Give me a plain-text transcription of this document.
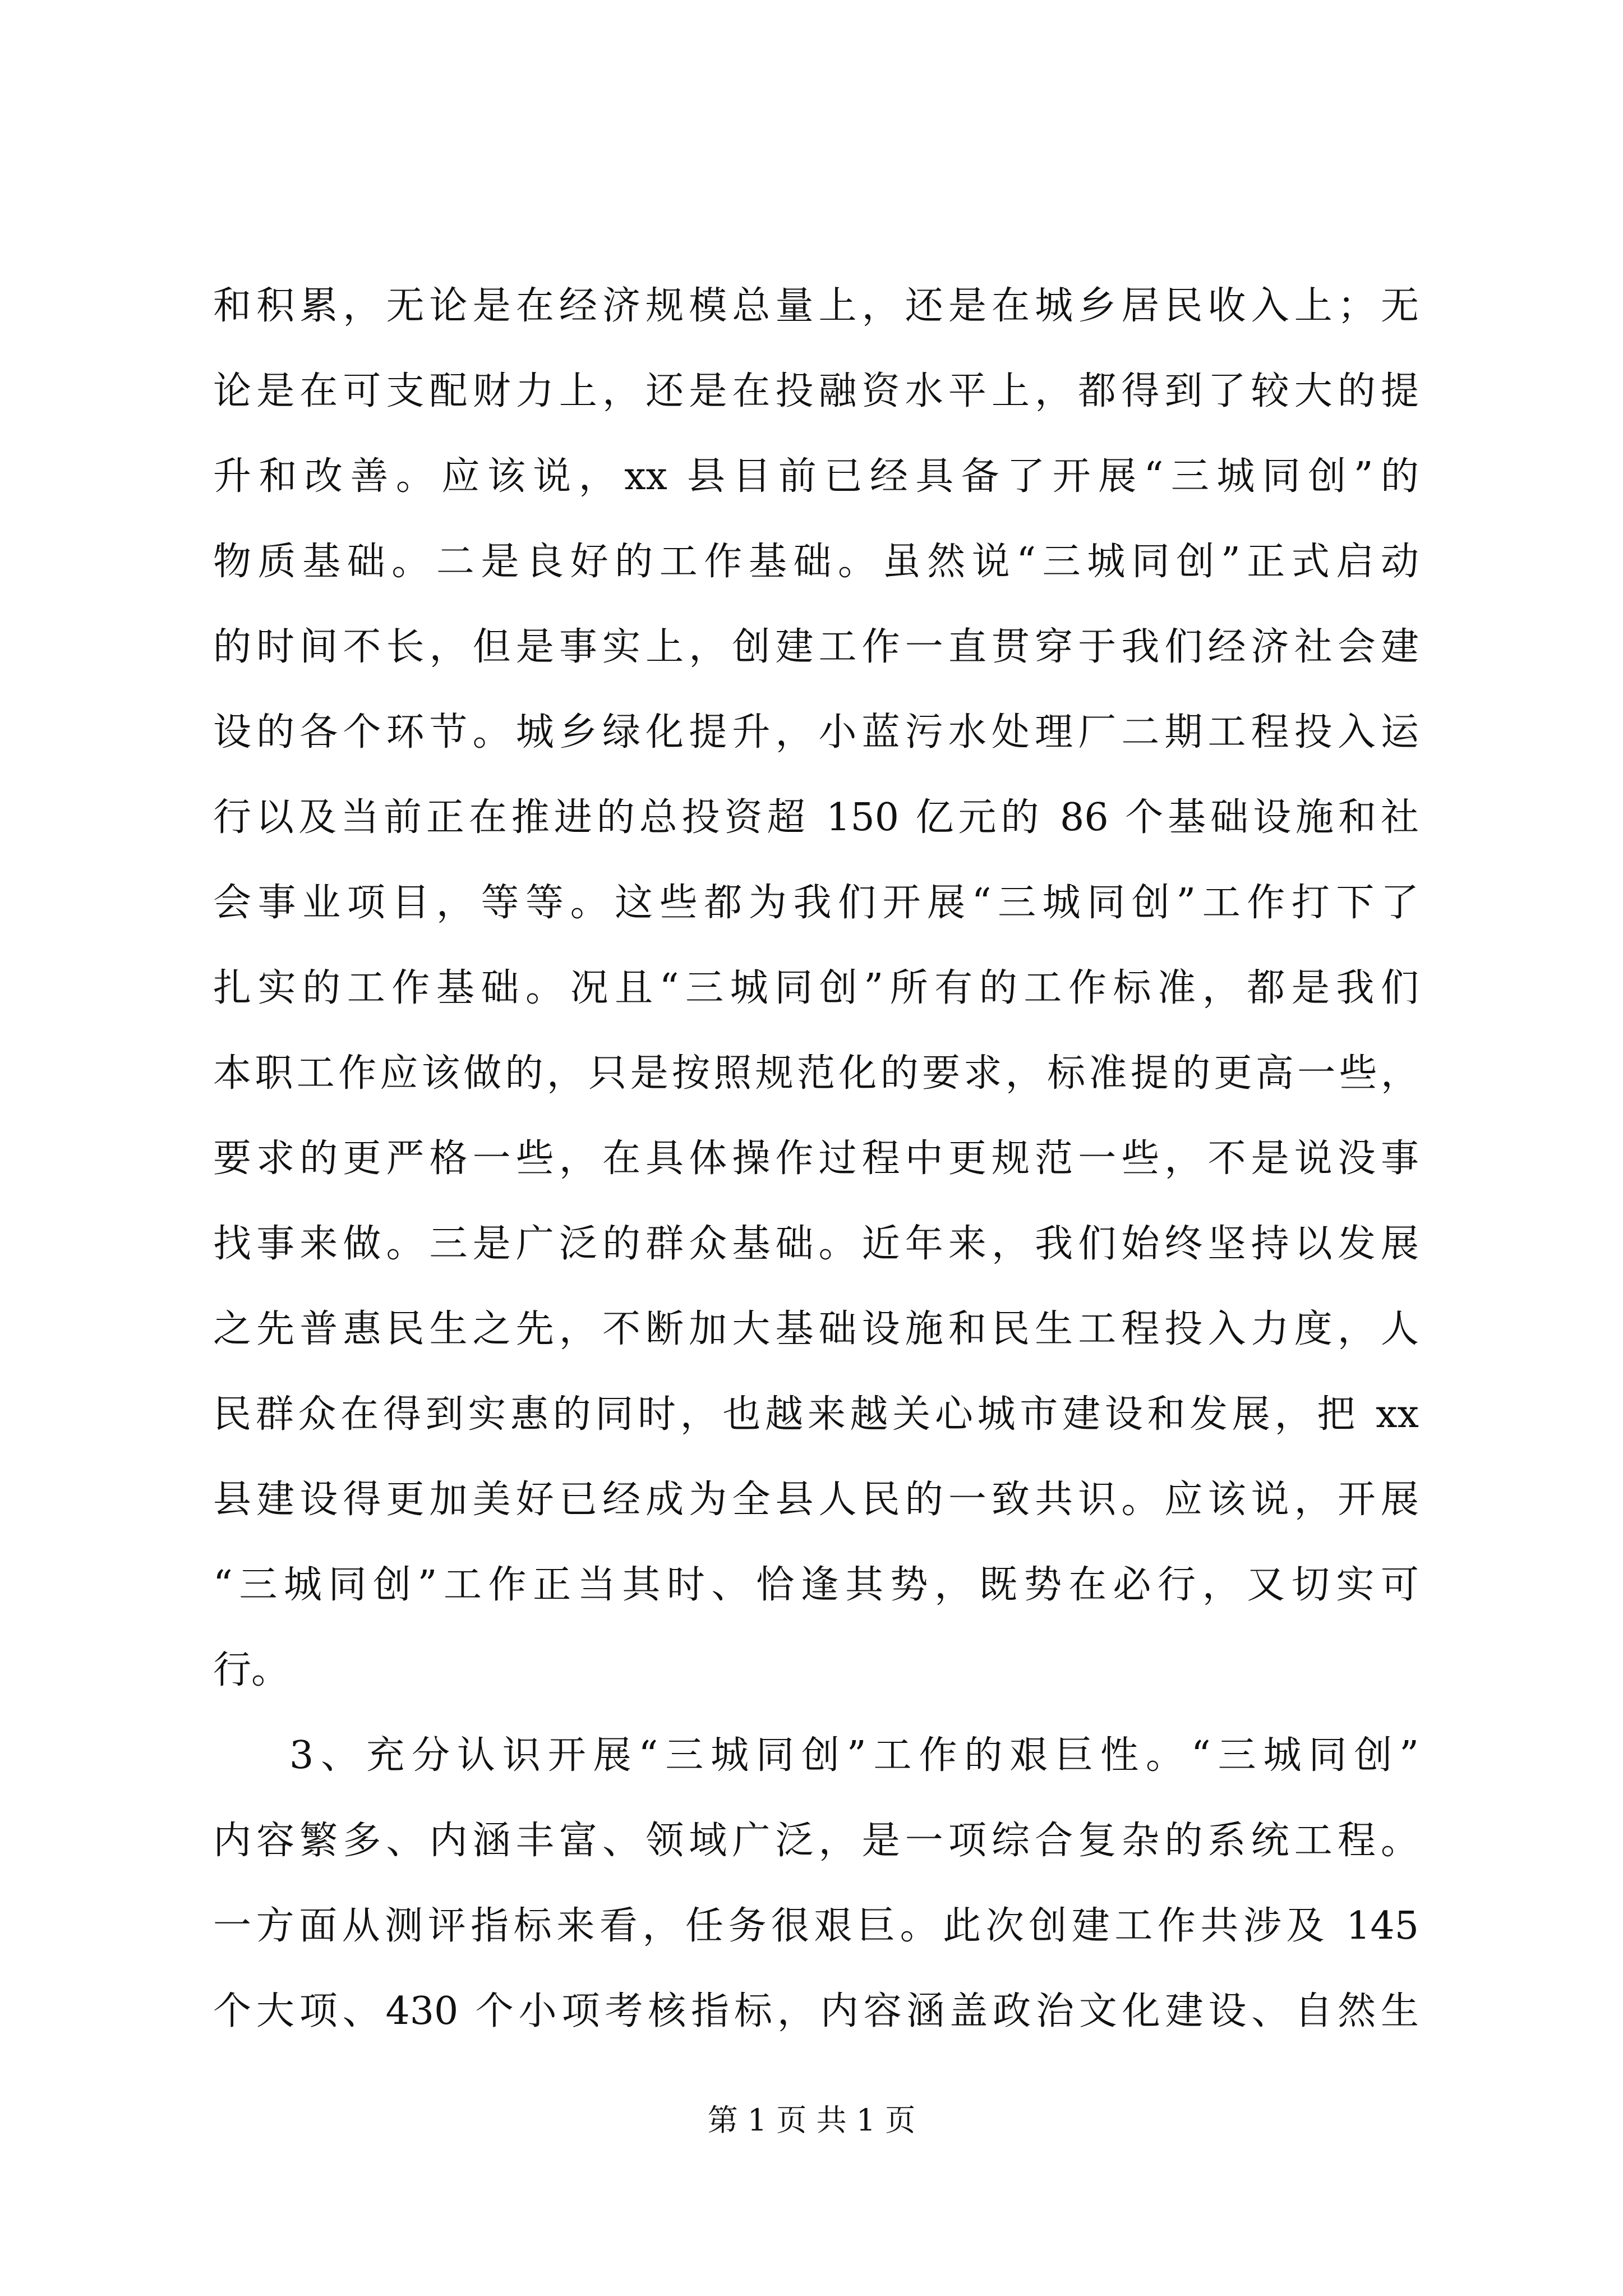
和积累，无论是在经济规模总量上，还是在城乡居民收入上；无
论是在可支配财力上，还是在投融资水平上，都得到了较大的提
升和改善。应该说，xx 县目前已经具备了开展“三城同创”的
物质基础。二是良好的工作基础。虽然说“三城同创”正式启动
的时间不长，但是事实上，创建工作一直贯穿于我们经济社会建
设的各个环节。城乡绿化提升，小蓝污水处理厂二期工程投入运
行以及当前正在推进的总投资超 150 亿元的 86 个基础设施和社
会事业项目，等等。这些都为我们开展“三城同创”工作打下了
扎实的工作基础。况且“三城同创”所有的工作标准，都是我们
本职工作应该做的，只是按照规范化的要求，标准提的更高一些，
要求的更严格一些，在具体操作过程中更规范一些，不是说没事
找事来做。三是广泛的群众基础。近年来，我们始终坚持以发展
之先普惠民生之先，不断加大基础设施和民生工程投入力度，人
民群众在得到实惠的同时，也越来越关心城市建设和发展，把 xx
县建设得更加美好已经成为全县人民的一致共识。应该说，开展
“三城同创”工作正当其时、恰逢其势，既势在必行，又切实可
行。
3、充分认识开展“三城同创”工作的艰巨性。“三城同创”
内容繁多、内涵丰富、领域广泛，是一项综合复杂的系统工程。
一方面从测评指标来看，任务很艰巨。此次创建工作共涉及 145
个大项、430 个小项考核指标，内容涵盖政治文化建设、自然生
第 1 页 共 1 页
